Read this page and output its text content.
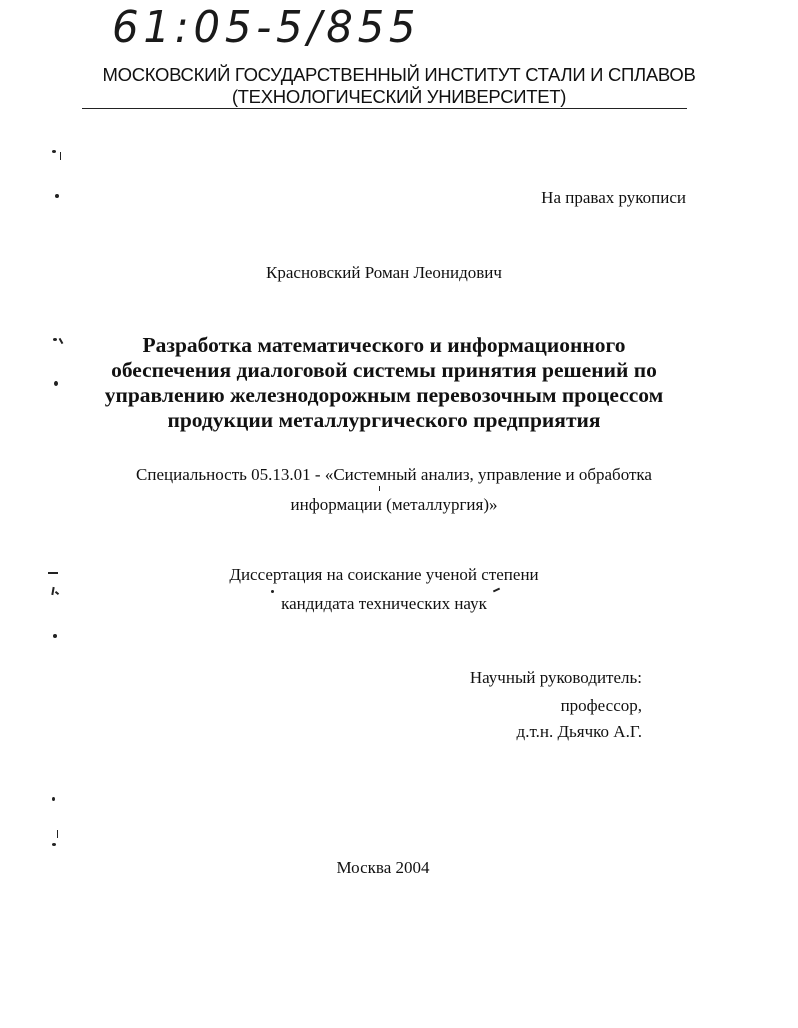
61:05-5/855
МОСКОВСКИЙ ГОСУДАРСТВЕННЫЙ ИНСТИТУТ СТАЛИ И СПЛАВОВ
(ТЕХНОЛОГИЧЕСКИЙ УНИВЕРСИТЕТ)
На правах рукописи
Красновский Роман Леонидович
Разработка математического и информационного
обеспечения диалоговой системы принятия решений по
управлению железнодорожным перевозочным процессом
продукции металлургического предприятия
Специальность 05.13.01 - «Системный анализ, управление и обработка
информации (металлургия)»
Диссертация на соискание ученой степени
кандидата технических наук
Научный руководитель:
профессор,
д.т.н. Дьячко А.Г.
Москва 2004
